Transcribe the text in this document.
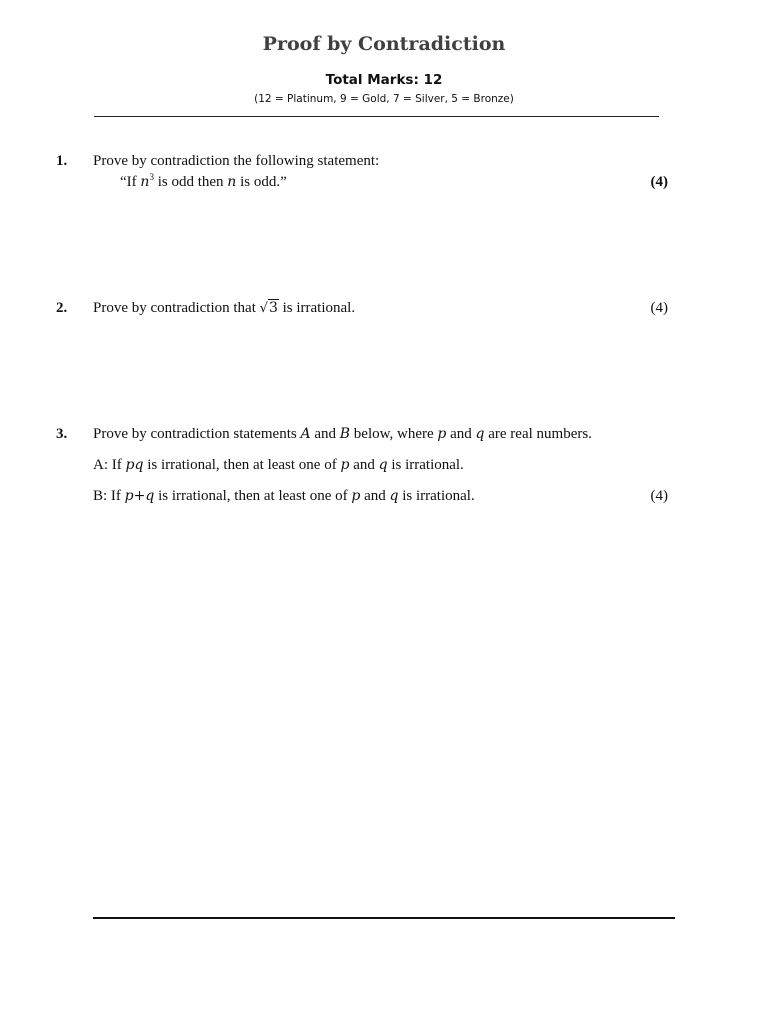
Proof by Contradiction
Total Marks: 12
(12 = Platinum, 9 = Gold, 7 = Silver, 5 = Bronze)
1. Prove by contradiction the following statement:
“If $n^3$ is odd then n is odd.”	(4)
2. Prove by contradiction that √3 is irrational.	(4)
3. Prove by contradiction statements A and B below, where p and q are real numbers.
A: If pq is irrational, then at least one of p and q is irrational.
B: If p+q is irrational, then at least one of p and q is irrational.	(4)
